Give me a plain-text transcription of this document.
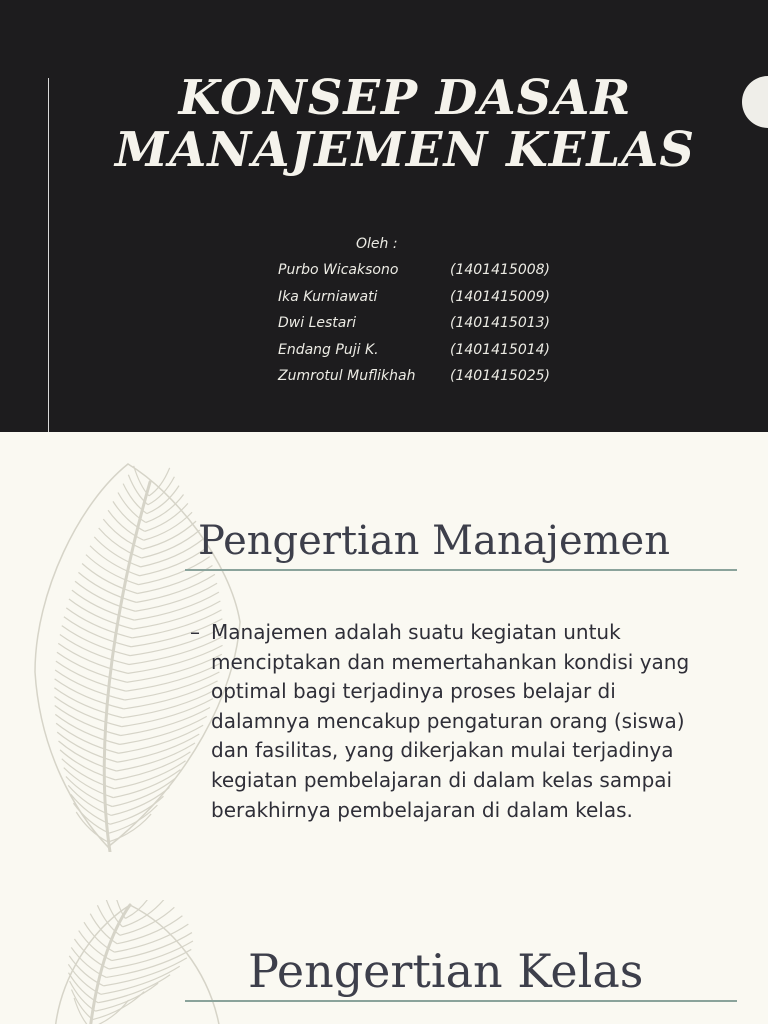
KONSEP DASAR
MANAJEMEN KELAS
Oleh :
Purbo Wicaksono	(1401415008)
Ika Kurniawati	(1401415009)
Dwi Lestari	(1401415013)
Endang Puji K.	(1401415014)
Zumrotul Muflikhah (1401415025)
Pengertian Manajemen
– Manajemen adalah suatu kegiatan untuk
menciptakan dan memertahankan kondisi yang
optimal bagi terjadinya proses belajar di
dalamnya mencakup pengaturan orang (siswa)
dan fasilitas, yang dikerjakan mulai terjadinya
kegiatan pembelajaran di dalam kelas sampai
berakhirnya pembelajaran di dalam kelas.
Pengertian Kelas
